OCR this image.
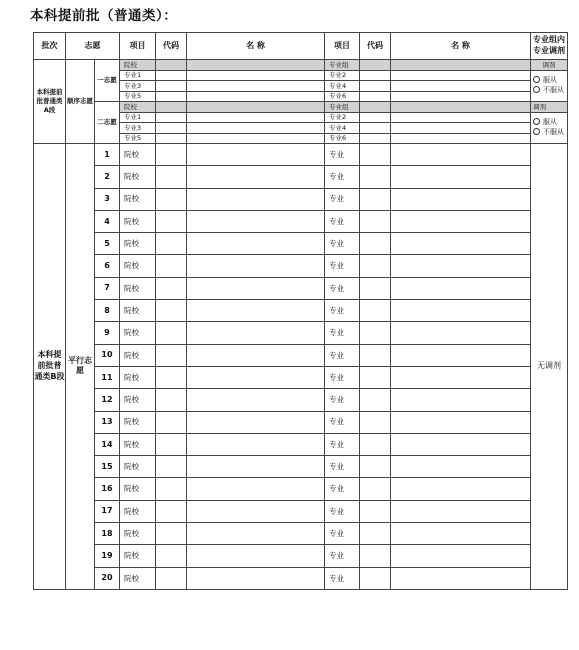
本科提前批（普通类）：
批次	志愿		项目	代码	名 称	项目	代码	名 称	专业组内
专业调剂

本科提前批普通类A段	顺序志愿	一志愿	院校			专业组			调剂
			专业1			专业2			服从
不服从

			专业3			专业4			
			专业5			专业6			
		二志愿	院校			专业组			调剂
			专业1			专业2			服从
不服从

			专业3			专业4			
			专业5			专业6			
本科提前批普通类B段	平行志愿	1	院校			专业			无调剂
		2	院校			专业			
		3	院校			专业			
		4	院校			专业			
		5	院校			专业			
		6	院校			专业			
		7	院校			专业			
		8	院校			专业			
		9	院校			专业			
		10	院校			专业			
		11	院校			专业			
		12	院校			专业			
		13	院校			专业			
		14	院校			专业			
		15	院校			专业			
		16	院校			专业			
		17	院校			专业			
		18	院校			专业			
		19	院校			专业			
		20	院校			专业			
